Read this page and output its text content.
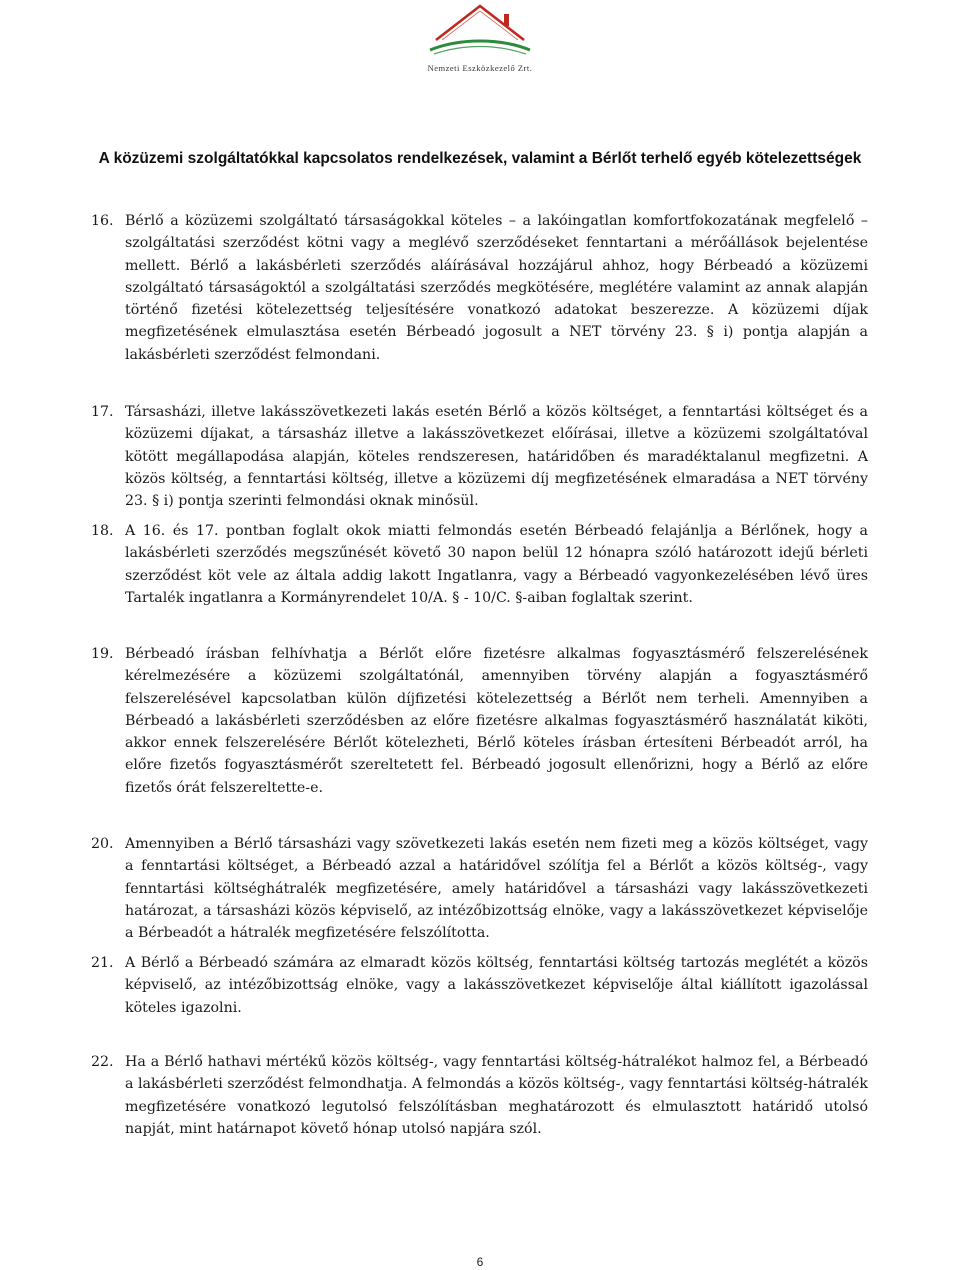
Nemzeti Eszközkezelő Zrt.
A közüzemi szolgáltatókkal kapcsolatos rendelkezések, valamint a Bérlőt terhelő egyéb kötelezettségek
16. Bérlő a közüzemi szolgáltató társaságokkal köteles – a lakóingatlan komfortfokozatának megfelelő – szolgáltatási szerződést kötni vagy a meglévő szerződéseket fenntartani a mérőállások bejelentése mellett. Bérlő a lakásbérleti szerződés aláírásával hozzájárul ahhoz, hogy Bérbeadó a közüzemi szolgáltató társaságoktól a szolgáltatási szerződés megkötésére, meglétére valamint az annak alapján történő fizetési kötelezettség teljesítésére vonatkozó adatokat beszerezze. A közüzemi díjak megfizetésének elmulasztása esetén Bérbeadó jogosult a NET törvény 23. § i) pontja alapján a lakásbérleti szerződést felmondani.
17. Társasházi, illetve lakásszövetkezeti lakás esetén Bérlő a közös költséget, a fenntartási költséget és a közüzemi díjakat, a társasház illetve a lakásszövetkezet előírásai, illetve a közüzemi szolgáltatóval kötött megállapodása alapján, köteles rendszeresen, határidőben és maradéktalanul megfizetni. A közös költség, a fenntartási költség, illetve a közüzemi díj megfizetésének elmaradása a NET törvény 23. § i) pontja szerinti felmondási oknak minősül.
18. A 16. és 17. pontban foglalt okok miatti felmondás esetén Bérbeadó felajánlja a Bérlőnek, hogy a lakásbérleti szerződés megszűnését követő 30 napon belül 12 hónapra szóló határozott idejű bérleti szerződést köt vele az általa addig lakott Ingatlanra, vagy a Bérbeadó vagyonkezelésében lévő üres Tartalék ingatlanra a Kormányrendelet 10/A. § - 10/C. §-aiban foglaltak szerint.
19. Bérbeadó írásban felhívhatja a Bérlőt előre fizetésre alkalmas fogyasztásmérő felszerelésének kérelmezésére a közüzemi szolgáltatónál, amennyiben törvény alapján a fogyasztásmérő felszerelésével kapcsolatban külön díjfizetési kötelezettség a Bérlőt nem terheli. Amennyiben a Bérbeadó a lakásbérleti szerződésben az előre fizetésre alkalmas fogyasztásmérő használatát kiköti, akkor ennek felszerelésére Bérlőt kötelezheti, Bérlő köteles írásban értesíteni Bérbeadót arról, ha előre fizetős fogyasztásmérőt szereltetett fel. Bérbeadó jogosult ellenőrizni, hogy a Bérlő az előre fizetős órát felszereltette-e.
20. Amennyiben a Bérlő társasházi vagy szövetkezeti lakás esetén nem fizeti meg a közös költséget, vagy a fenntartási költséget, a Bérbeadó azzal a határidővel szólítja fel a Bérlőt a közös költség-, vagy fenntartási költséghátralék megfizetésére, amely határidővel a társasházi vagy lakásszövetkezeti határozat, a társasházi közös képviselő, az intézőbizottság elnöke, vagy a lakásszövetkezet képviselője a Bérbeadót a hátralék megfizetésére felszólította.
21. A Bérlő a Bérbeadó számára az elmaradt közös költség, fenntartási költség tartozás meglétét a közös képviselő, az intézőbizottság elnöke, vagy a lakásszövetkezet képviselője által kiállított igazolással köteles igazolni.
22. Ha a Bérlő hathavi mértékű közös költség-, vagy fenntartási költség-hátralékot halmoz fel, a Bérbeadó a lakásbérleti szerződést felmondhatja. A felmondás a közös költség-, vagy fenntartási költség-hátralék megfizetésére vonatkozó legutolsó felszólításban meghatározott és elmulasztott határidő utolsó napját, mint határnapot követő hónap utolsó napjára szól.
6
